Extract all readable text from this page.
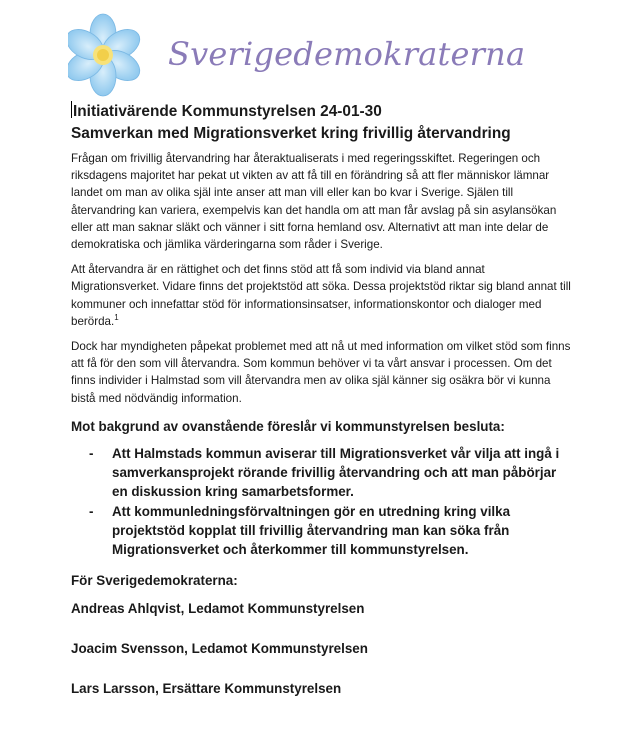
Sverigedemokraterna

Initiativärende Kommunstyrelsen 24-01-30

Samverkan med Migrationsverket kring frivillig återvandring

Frågan om frivillig återvandring har återaktualiserats i med regeringsskiftet. Regeringen och riksdagens majoritet har pekat ut vikten av att få till en förändring så att fler människor lämnar landet om man av olika själ inte anser att man vill eller kan bo kvar i Sverige. Själen till återvandring kan variera, exempelvis kan det handla om att man får avslag på sin asylansökan eller att man saknar släkt och vänner i sitt forna hemland osv. Alternativt att man inte delar de demokratiska och jämlika värderingarna som råder i Sverige.

Att återvandra är en rättighet och det finns stöd att få som individ via bland annat Migrationsverket. Vidare finns det projektstöd att söka. Dessa projektstöd riktar sig bland annat till kommuner och innefattar stöd för informationsinsatser, informationskontor och dialoger med berörda.$^1$

Dock har myndigheten påpekat problemet med att nå ut med information om vilket stöd som finns att få för den som vill återvandra. Som kommun behöver vi ta vårt ansvar i processen. Om det finns individer i Halmstad som vill återvandra men av olika själ känner sig osäkra bör vi kunna bistå med nödvändig information.

Mot bakgrund av ovanstående föreslår vi kommunstyrelsen besluta:

- Att Halmstads kommun aviserar till Migrationsverket vår vilja att ingå i samverkansprojekt rörande frivillig återvandring och att man påbörjar en diskussion kring samarbetsformer.
- Att kommunledningsförvaltningen gör en utredning kring vilka projektstöd kopplat till frivillig återvandring man kan söka från Migrationsverket och återkommer till kommunstyrelsen.
För Sverigedemokraterna:
Andreas Ahlqvist, Ledamot Kommunstyrelsen
Joacim Svensson, Ledamot Kommunstyrelsen
Lars Larsson, Ersättare Kommunstyrelsen
